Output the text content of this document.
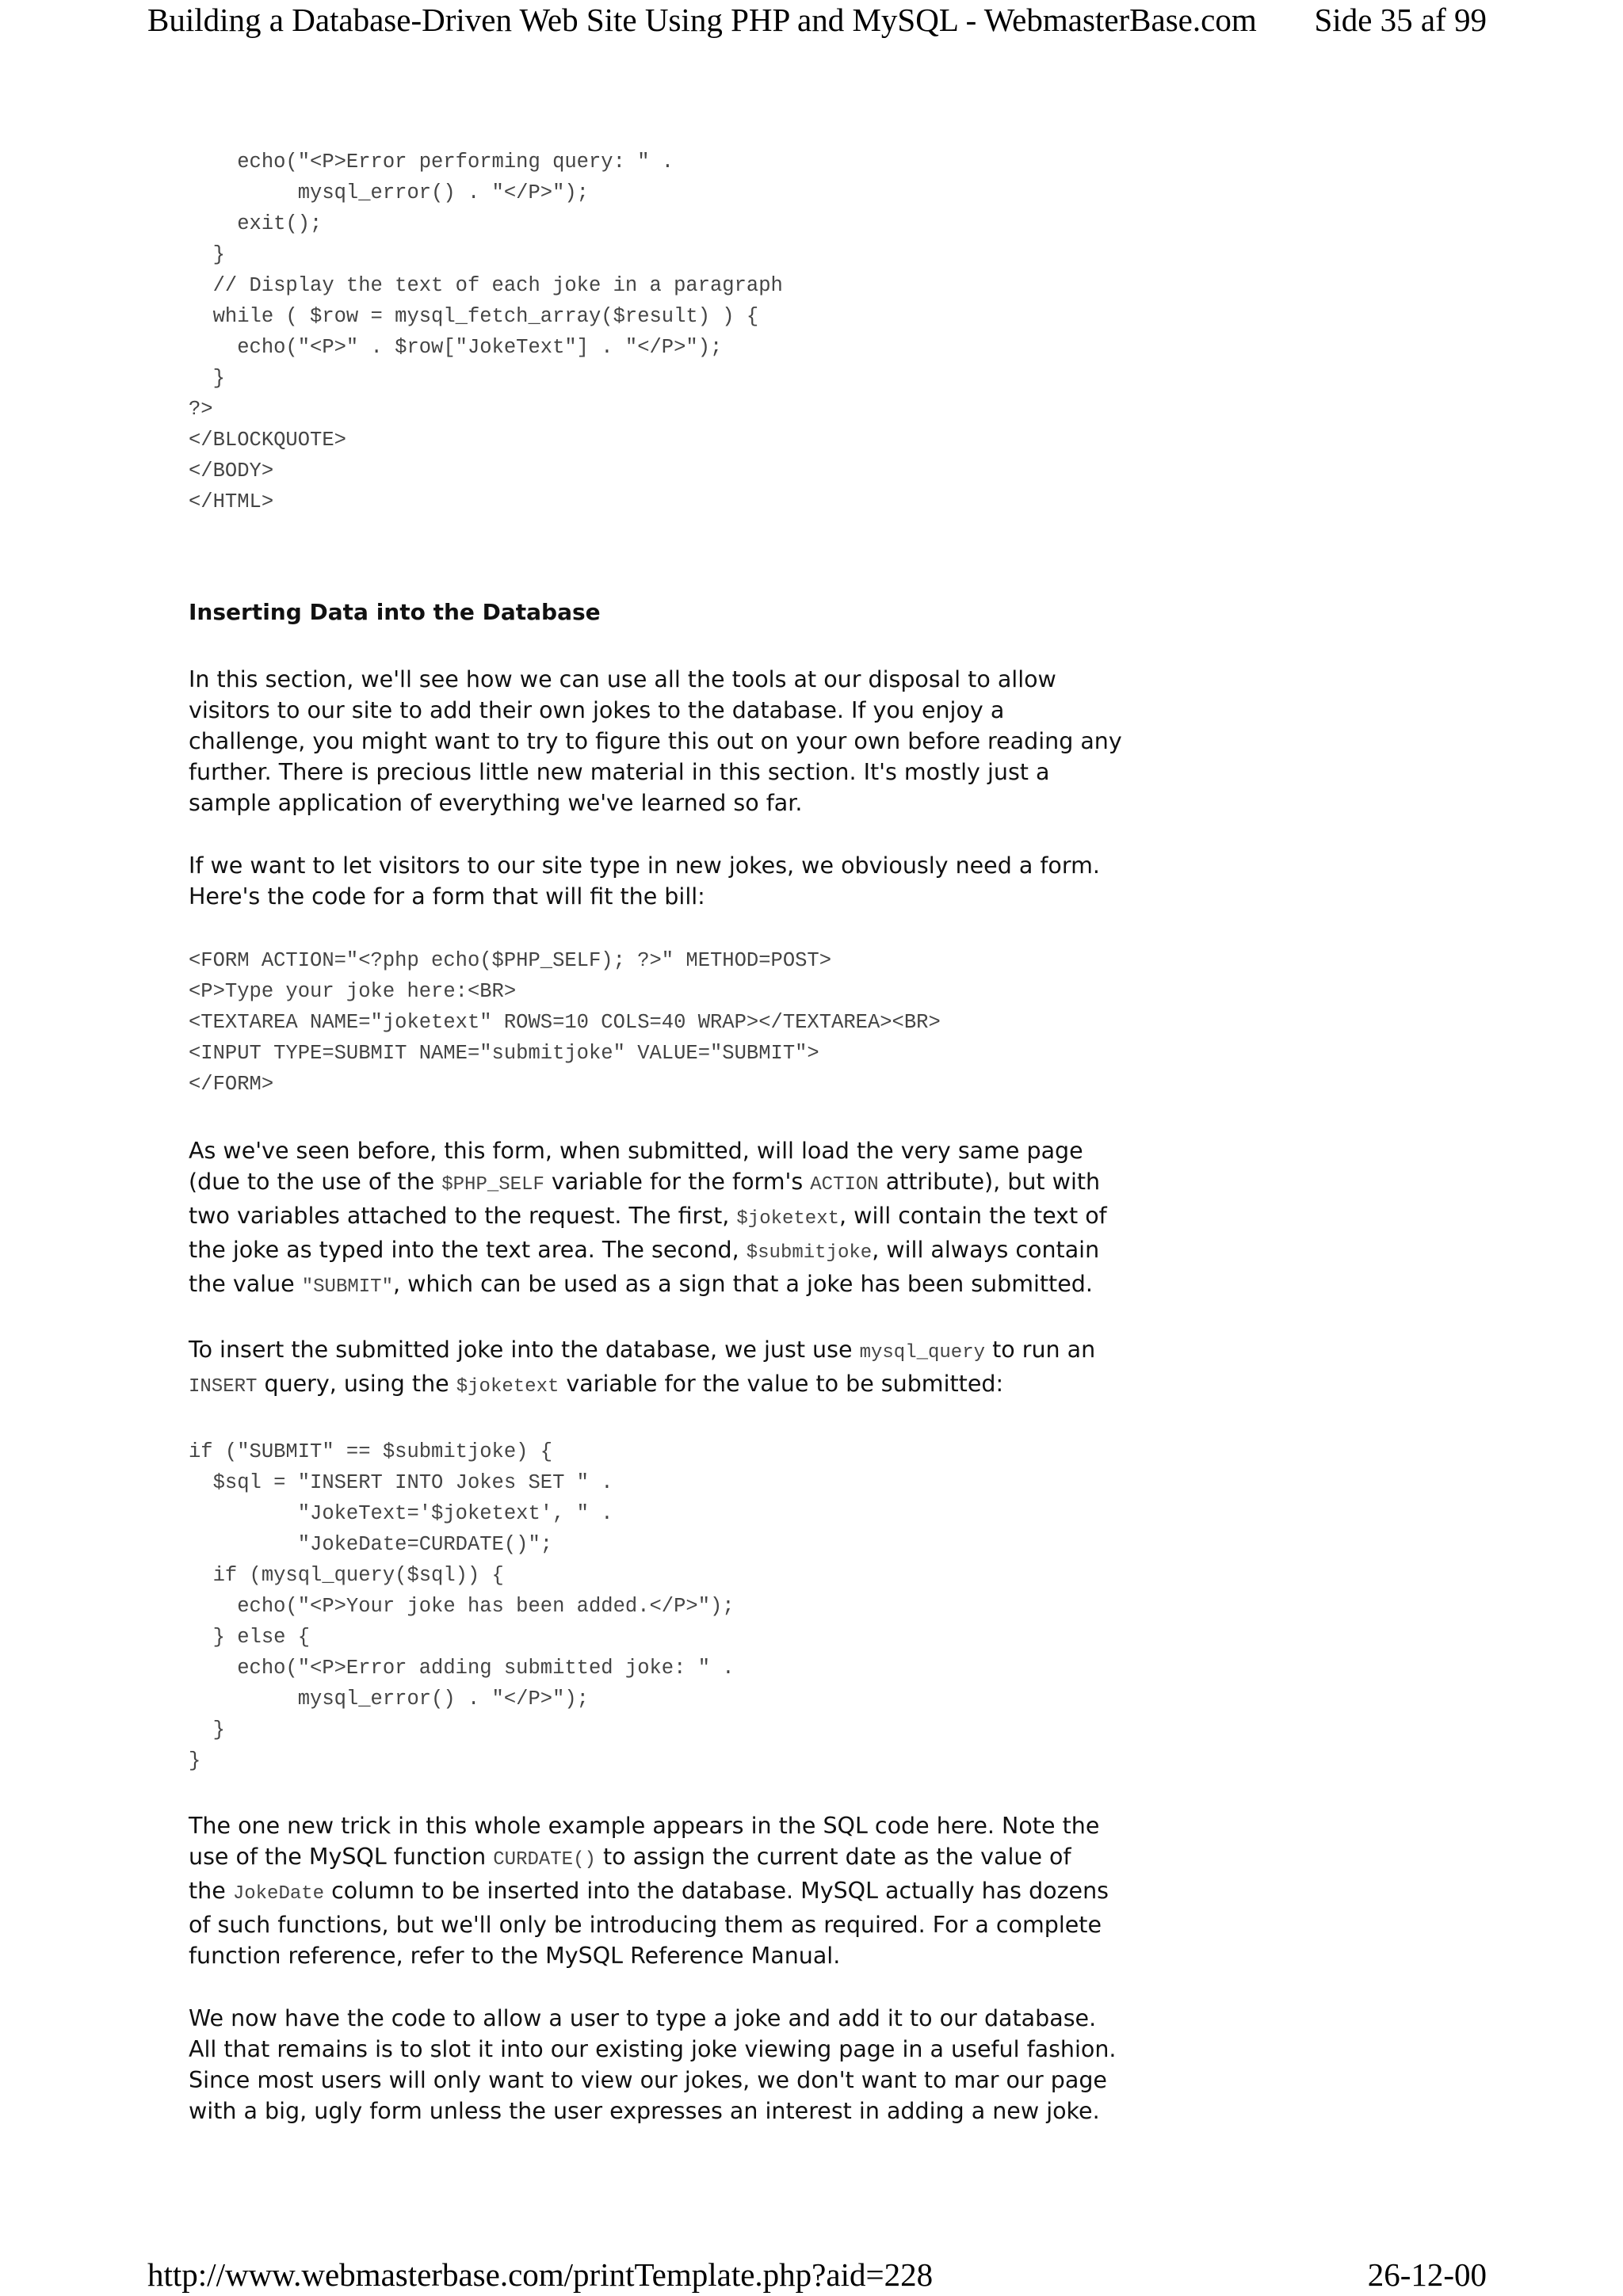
Building a Database-Driven Web Site Using PHP and MySQL - WebmasterBase.com Side 35 af 99
echo("<P>Error performing query: " .
mysql_error() . "</P>");
exit();
}
// Display the text of each joke in a paragraph
while ( $row = mysql_fetch_array($result) ) {
echo("<P>" . $row["JokeText"] . "</P>");
}
?>
</BLOCKQUOTE>
</BODY>
</HTML>
Inserting Data into the Database

In this section, we'll see how we can use all the tools at our disposal to allow
visitors to our site to add their own jokes to the database. If you enjoy a
challenge, you might want to try to figure this out on your own before reading any
further. There is precious little new material in this section. It's mostly just a
sample application of everything we've learned so far.

If we want to let visitors to our site type in new jokes, we obviously need a form.
Here's the code for a form that will fit the bill:

<FORM ACTION="<?php echo($PHP_SELF); ?>" METHOD=POST>
<P>Type your joke here:<BR>
<TEXTAREA NAME="joketext" ROWS=10 COLS=40 WRAP></TEXTAREA><BR>
<INPUT TYPE=SUBMIT NAME="submitjoke" VALUE="SUBMIT">
</FORM>

As we've seen before, this form, when submitted, will load the very same page
(due to the use of the $PHP_SELF variable for the form's ACTION attribute), but with
two variables attached to the request. The first, $joketext, will contain the text of
the joke as typed into the text area. The second, $submitjoke, will always contain
the value "SUBMIT", which can be used as a sign that a joke has been submitted.

To insert the submitted joke into the database, we just use mysql_query to run an
INSERT query, using the $joketext variable for the value to be submitted:

if ("SUBMIT" == $submitjoke) {
$sql = "INSERT INTO Jokes SET " .
"JokeText='$joketext', " .
"JokeDate=CURDATE()";
if (mysql_query($sql)) {
echo("<P>Your joke has been added.</P>");
} else {
echo("<P>Error adding submitted joke: " .
mysql_error() . "</P>");
}
}

The one new trick in this whole example appears in the SQL code here. Note the
use of the MySQL function CURDATE() to assign the current date as the value of
the JokeDate column to be inserted into the database. MySQL actually has dozens
of such functions, but we'll only be introducing them as required. For a complete
function reference, refer to the MySQL Reference Manual.

We now have the code to allow a user to type a joke and add it to our database.
All that remains is to slot it into our existing joke viewing page in a useful fashion.
Since most users will only want to view our jokes, we don't want to mar our page
with a big, ugly form unless the user expresses an interest in adding a new joke.

http://www.webmasterbase.com/printTemplate.php?aid=228	26-12-00
